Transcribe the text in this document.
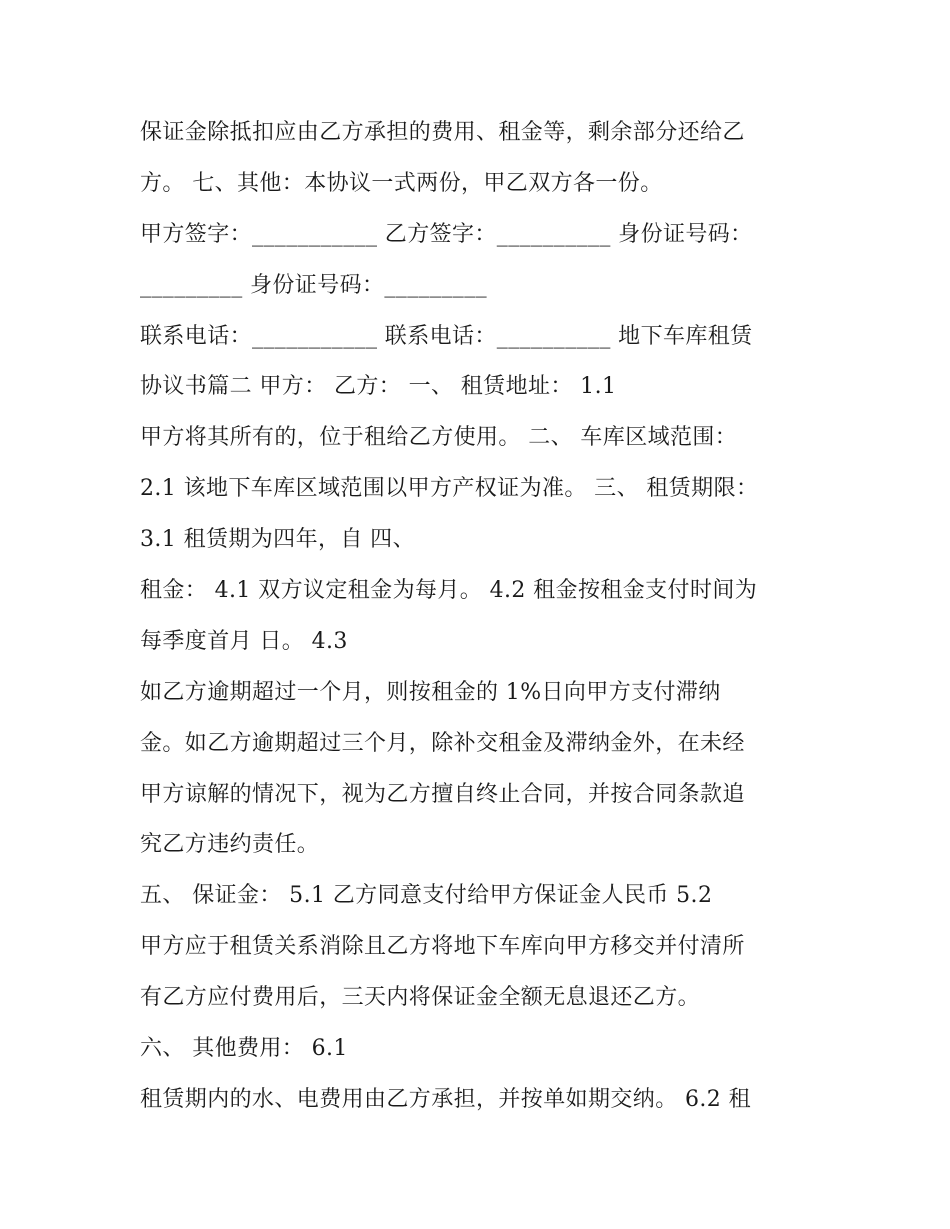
保证金除抵扣应由乙方承担的费用、租金等，剩余部分还给乙
方。 七、其他：本协议一式两份，甲乙双方各一份。
甲方签字：___________ 乙方签字：__________ 身份证号码：
_________ 身份证号码：_________
联系电话：___________ 联系电话：__________ 地下车库租赁
协议书篇二 甲方： 乙方： 一、 租赁地址： 1.1
甲方将其所有的，位于租给乙方使用。 二、 车库区域范围：
2.1 该地下车库区域范围以甲方产权证为准。 三、 租赁期限：
3.1 租赁期为四年，自 四、
租金： 4.1 双方议定租金为每月。 4.2 租金按租金支付时间为
每季度首月 日。 4.3
如乙方逾期超过一个月，则按租金的 1%日向甲方支付滞纳
金。如乙方逾期超过三个月，除补交租金及滞纳金外，在未经
甲方谅解的情况下，视为乙方擅自终止合同，并按合同条款追
究乙方违约责任。
五、 保证金： 5.1 乙方同意支付给甲方保证金人民币 5.2
甲方应于租赁关系消除且乙方将地下车库向甲方移交并付清所
有乙方应付费用后，三天内将保证金全额无息退还乙方。
六、 其他费用： 6.1
租赁期内的水、电费用由乙方承担，并按单如期交纳。 6.2 租
